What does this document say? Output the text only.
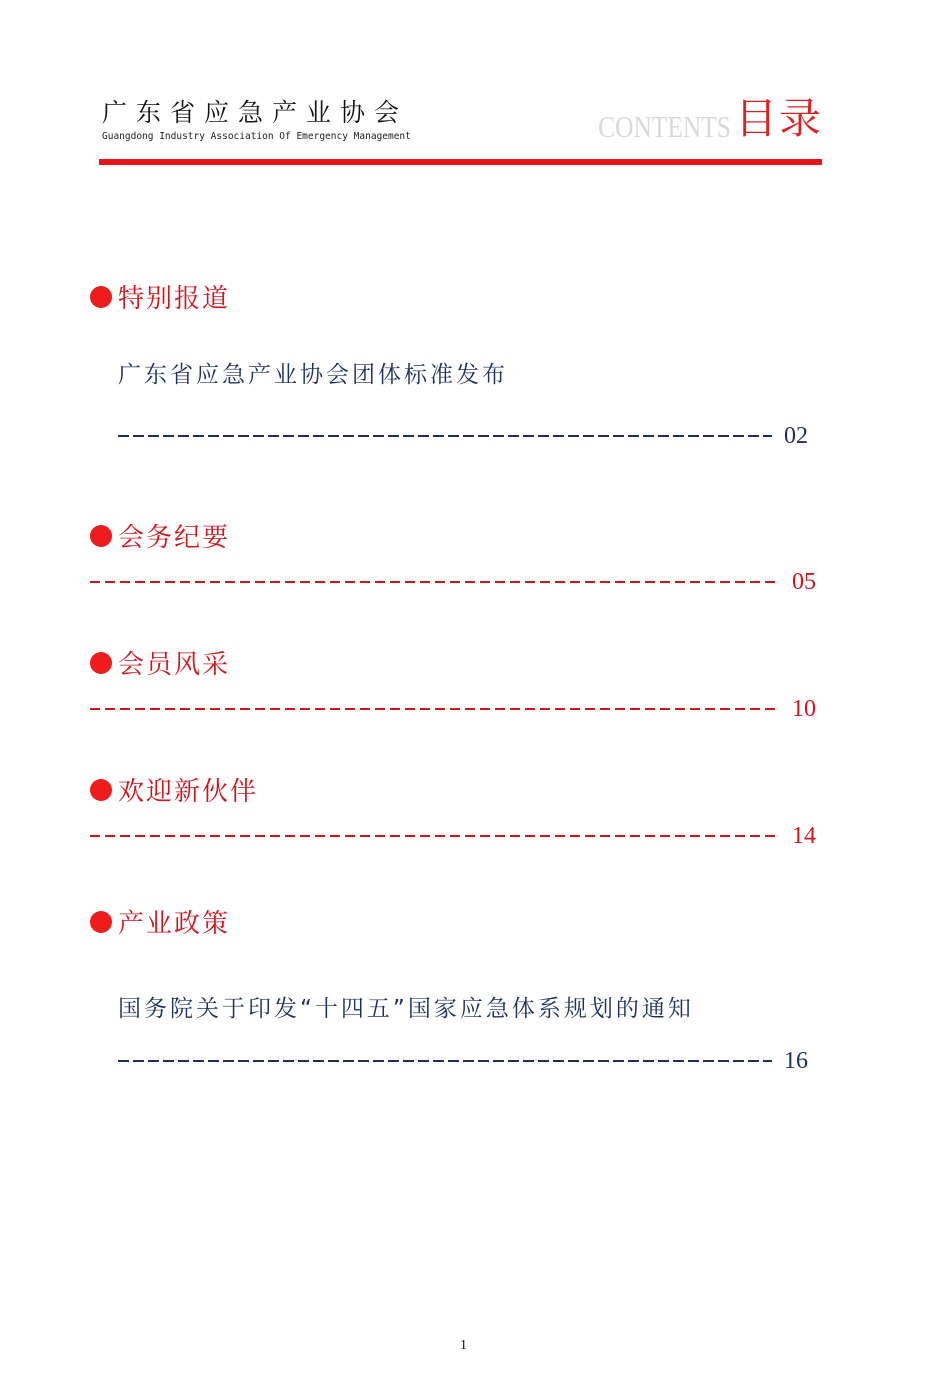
广东省应急产业协会
Guangdong Industry Association Of Emergency Management	CONTENTS 目录
特别报道
广东省应急产业协会团体标准发布
02
会务纪要
05
会员风采
10
欢迎新伙伴
14
产业政策
国务院关于印发“十四五”国家应急体系规划的通知
16
1
